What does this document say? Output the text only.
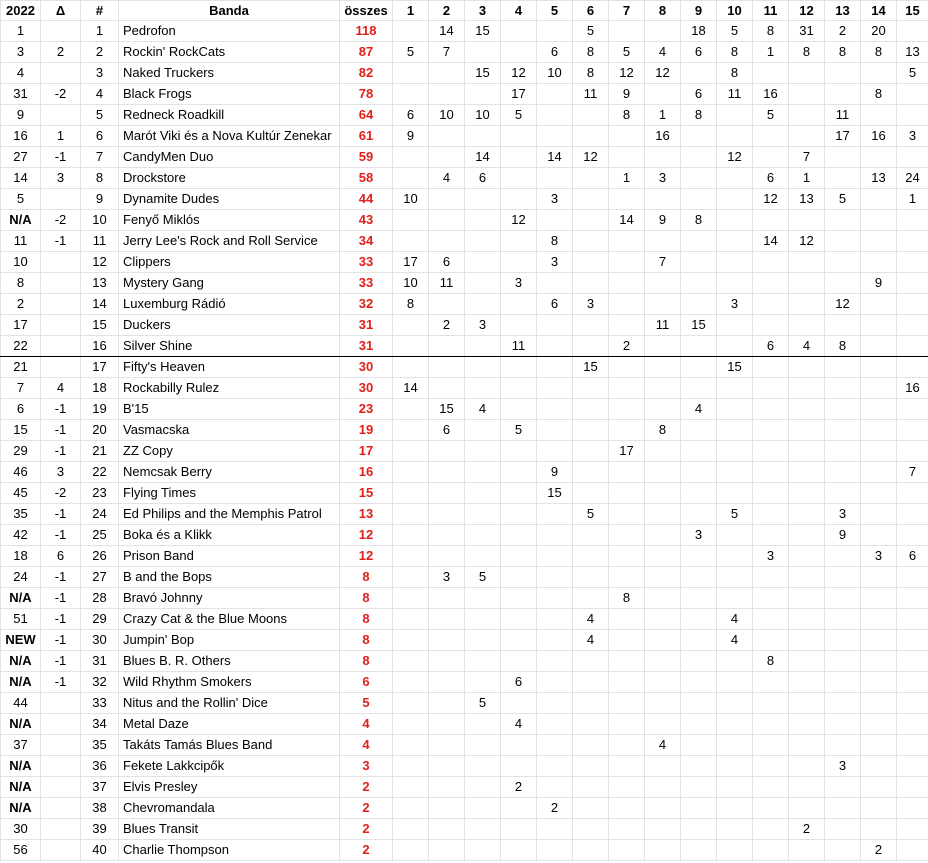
2022	Δ	#	Banda	összes	1	2	3	4	5	6	7	8	9	10	11	12	13	14	15
1		1	Pedrofon	118		14	15			5			18	5	8	31	2	20	
3	2	2	Rockin' RockCats	87	5	7			6	8	5	4	6	8	1	8	8	8	13
4		3	Naked Truckers	82			15	12	10	8	12	12		8					5
31	-2	4	Black Frogs	78				17		11	9		6	11	16			8	
9		5	Redneck Roadkill	64	6	10	10	5			8	1	8		5		11		
16	1	6	Marót Viki és a Nova Kultúr Zenekar	61	9							16					17	16	3
27	-1	7	CandyMen Duo	59			14		14	12				12		7			
14	3	8	Drockstore	58		4	6				1	3			6	1		13	24
5		9	Dynamite Dudes	44	10				3						12	13	5		1
N/A	-2	10	Fenyő Miklós	43				12			14	9	8						
11	-1	11	Jerry Lee's Rock and Roll Service	34					8						14	12			
10		12	Clippers	33	17	6			3			7							
8		13	Mystery Gang	33	10	11		3										9	
2		14	Luxemburg Rádió	32	8				6	3				3			12		
17		15	Duckers	31		2	3					11	15						
22		16	Silver Shine	31				11			2				6	4	8		
21		17	Fifty's Heaven	30						15				15					
7	4	18	Rockabilly Rulez	30	14														16
6	-1	19	B'15	23		15	4						4						
15	-1	20	Vasmacska	19		6		5				8							
29	-1	21	ZZ Copy	17							17								
46	3	22	Nemcsak Berry	16					9										7
45	-2	23	Flying Times	15					15										
35	-1	24	Ed Philips and the Memphis Patrol	13						5				5			3		
42	-1	25	Boka és a Klikk	12									3				9		
18	6	26	Prison Band	12											3			3	6
24	-1	27	B and the Bops	8		3	5												
N/A	-1	28	Bravó Johnny	8							8								
51	-1	29	Crazy Cat & the Blue Moons	8						4				4					
NEW	-1	30	Jumpin' Bop	8						4				4					
N/A	-1	31	Blues B. R. Others	8											8				
N/A	-1	32	Wild Rhythm Smokers	6				6											
44		33	Nitus and the Rollin' Dice	5			5												
N/A		34	Metal Daze	4				4											
37		35	Takáts Tamás Blues Band	4								4							
N/A		36	Fekete Lakkcipők	3													3		
N/A		37	Elvis Presley	2				2											
N/A		38	Chevromandala	2					2										
30		39	Blues Transit	2												2			
56		40	Charlie Thompson	2														2	
